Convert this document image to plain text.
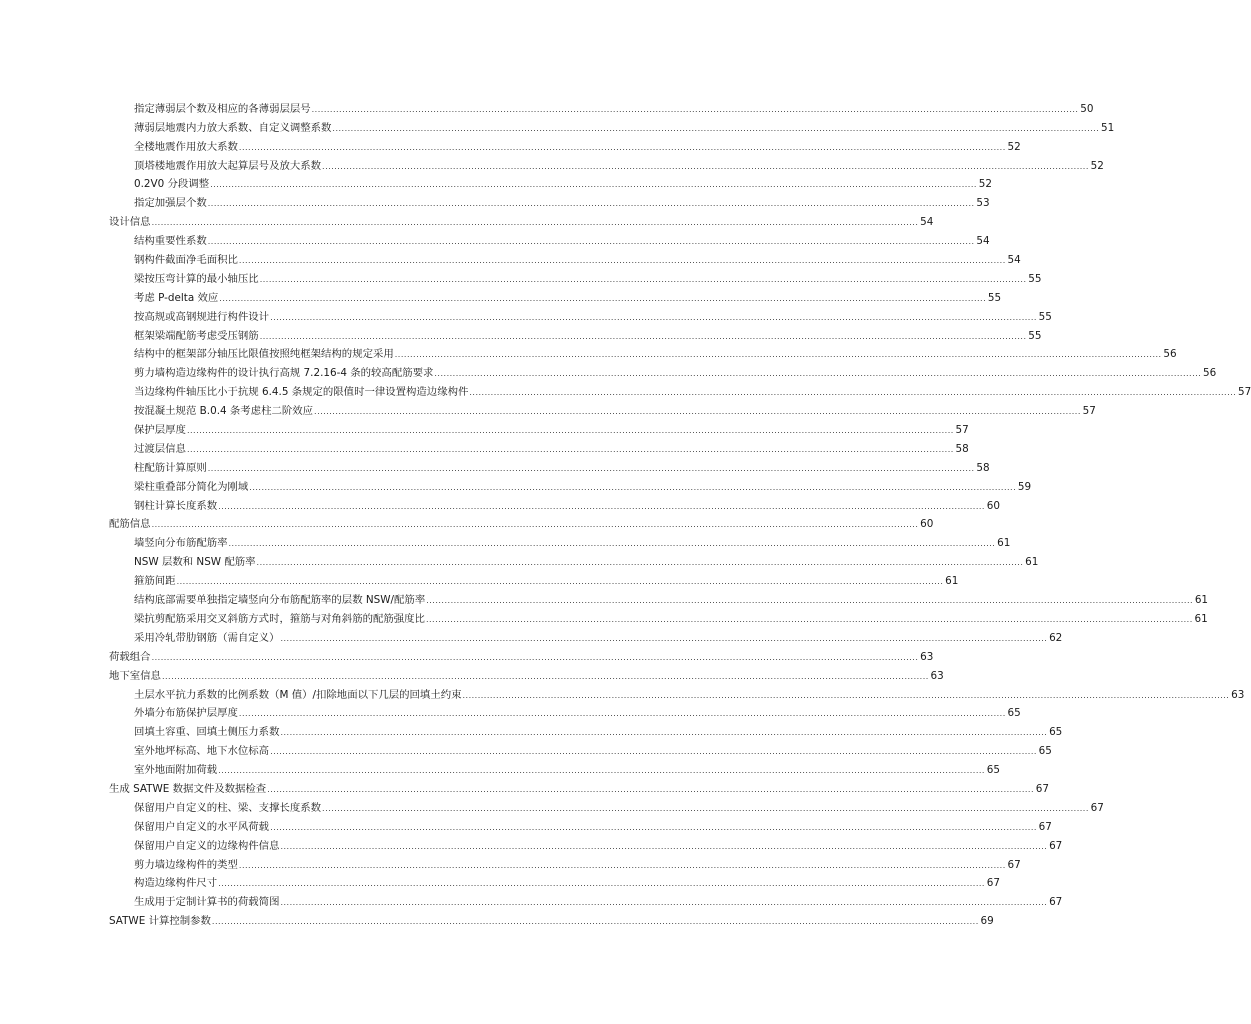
指定薄弱层个数及相应的各薄弱层层号 .....	50
薄弱层地震内力放大系数、自定义调整系数 .....	51
全楼地震作用放大系数 .....	52
顶塔楼地震作用放大起算层号及放大系数 .....	52
0.2V0 分段调整 .....	52
指定加强层个数 .....	53
设计信息 .....	54
结构重要性系数 .....	54
钢构件截面净毛面积比 .....	54
梁按压弯计算的最小轴压比 .....	55
考虑 P-delta 效应 .....	55
按高规或高钢规进行构件设计 .....	55
框架梁端配筋考虑受压钢筋 .....	55
结构中的框架部分轴压比限值按照纯框架结构的规定采用 .....	56
剪力墙构造边缘构件的设计执行高规 7.2.16-4 条的较高配筋要求 .....	56
当边缘构件轴压比小于抗规 6.4.5 条规定的限值时一律设置构造边缘构件 .....	57
按混凝土规范 B.0.4 条考虑柱二阶效应 .....	57
保护层厚度 .....	57
过渡层信息 .....	58
柱配筋计算原则 .....	58
梁柱重叠部分简化为刚域 .....	59
钢柱计算长度系数 .....	60
配筋信息 .....	60
墙竖向分布筋配筋率 .....	61
NSW 层数和 NSW 配筋率 .....	61
箍筋间距 .....	61
结构底部需要单独指定墙竖向分布筋配筋率的层数 NSW/配筋率 .....	61
梁抗剪配筋采用交叉斜筋方式时，箍筋与对角斜筋的配筋强度比 .....	61
采用冷轧带肋钢筋（需自定义） .....	62
荷载组合 .....	63
地下室信息 .....	63
土层水平抗力系数的比例系数（M 值）/扣除地面以下几层的回填土约束 .....	63
外墙分布筋保护层厚度 .....	65
回填土容重、回填土侧压力系数 .....	65
室外地坪标高、地下水位标高 .....	65
室外地面附加荷载 .....	65
生成 SATWE 数据文件及数据检查 .....	67
保留用户自定义的柱、梁、支撑长度系数 .....	67
保留用户自定义的水平风荷载 .....	67
保留用户自定义的边缘构件信息 .....	67
剪力墙边缘构件的类型 .....	67
构造边缘构件尺寸 .....	67
生成用于定制计算书的荷载简图 .....	67
SATWE 计算控制参数 .....	69
